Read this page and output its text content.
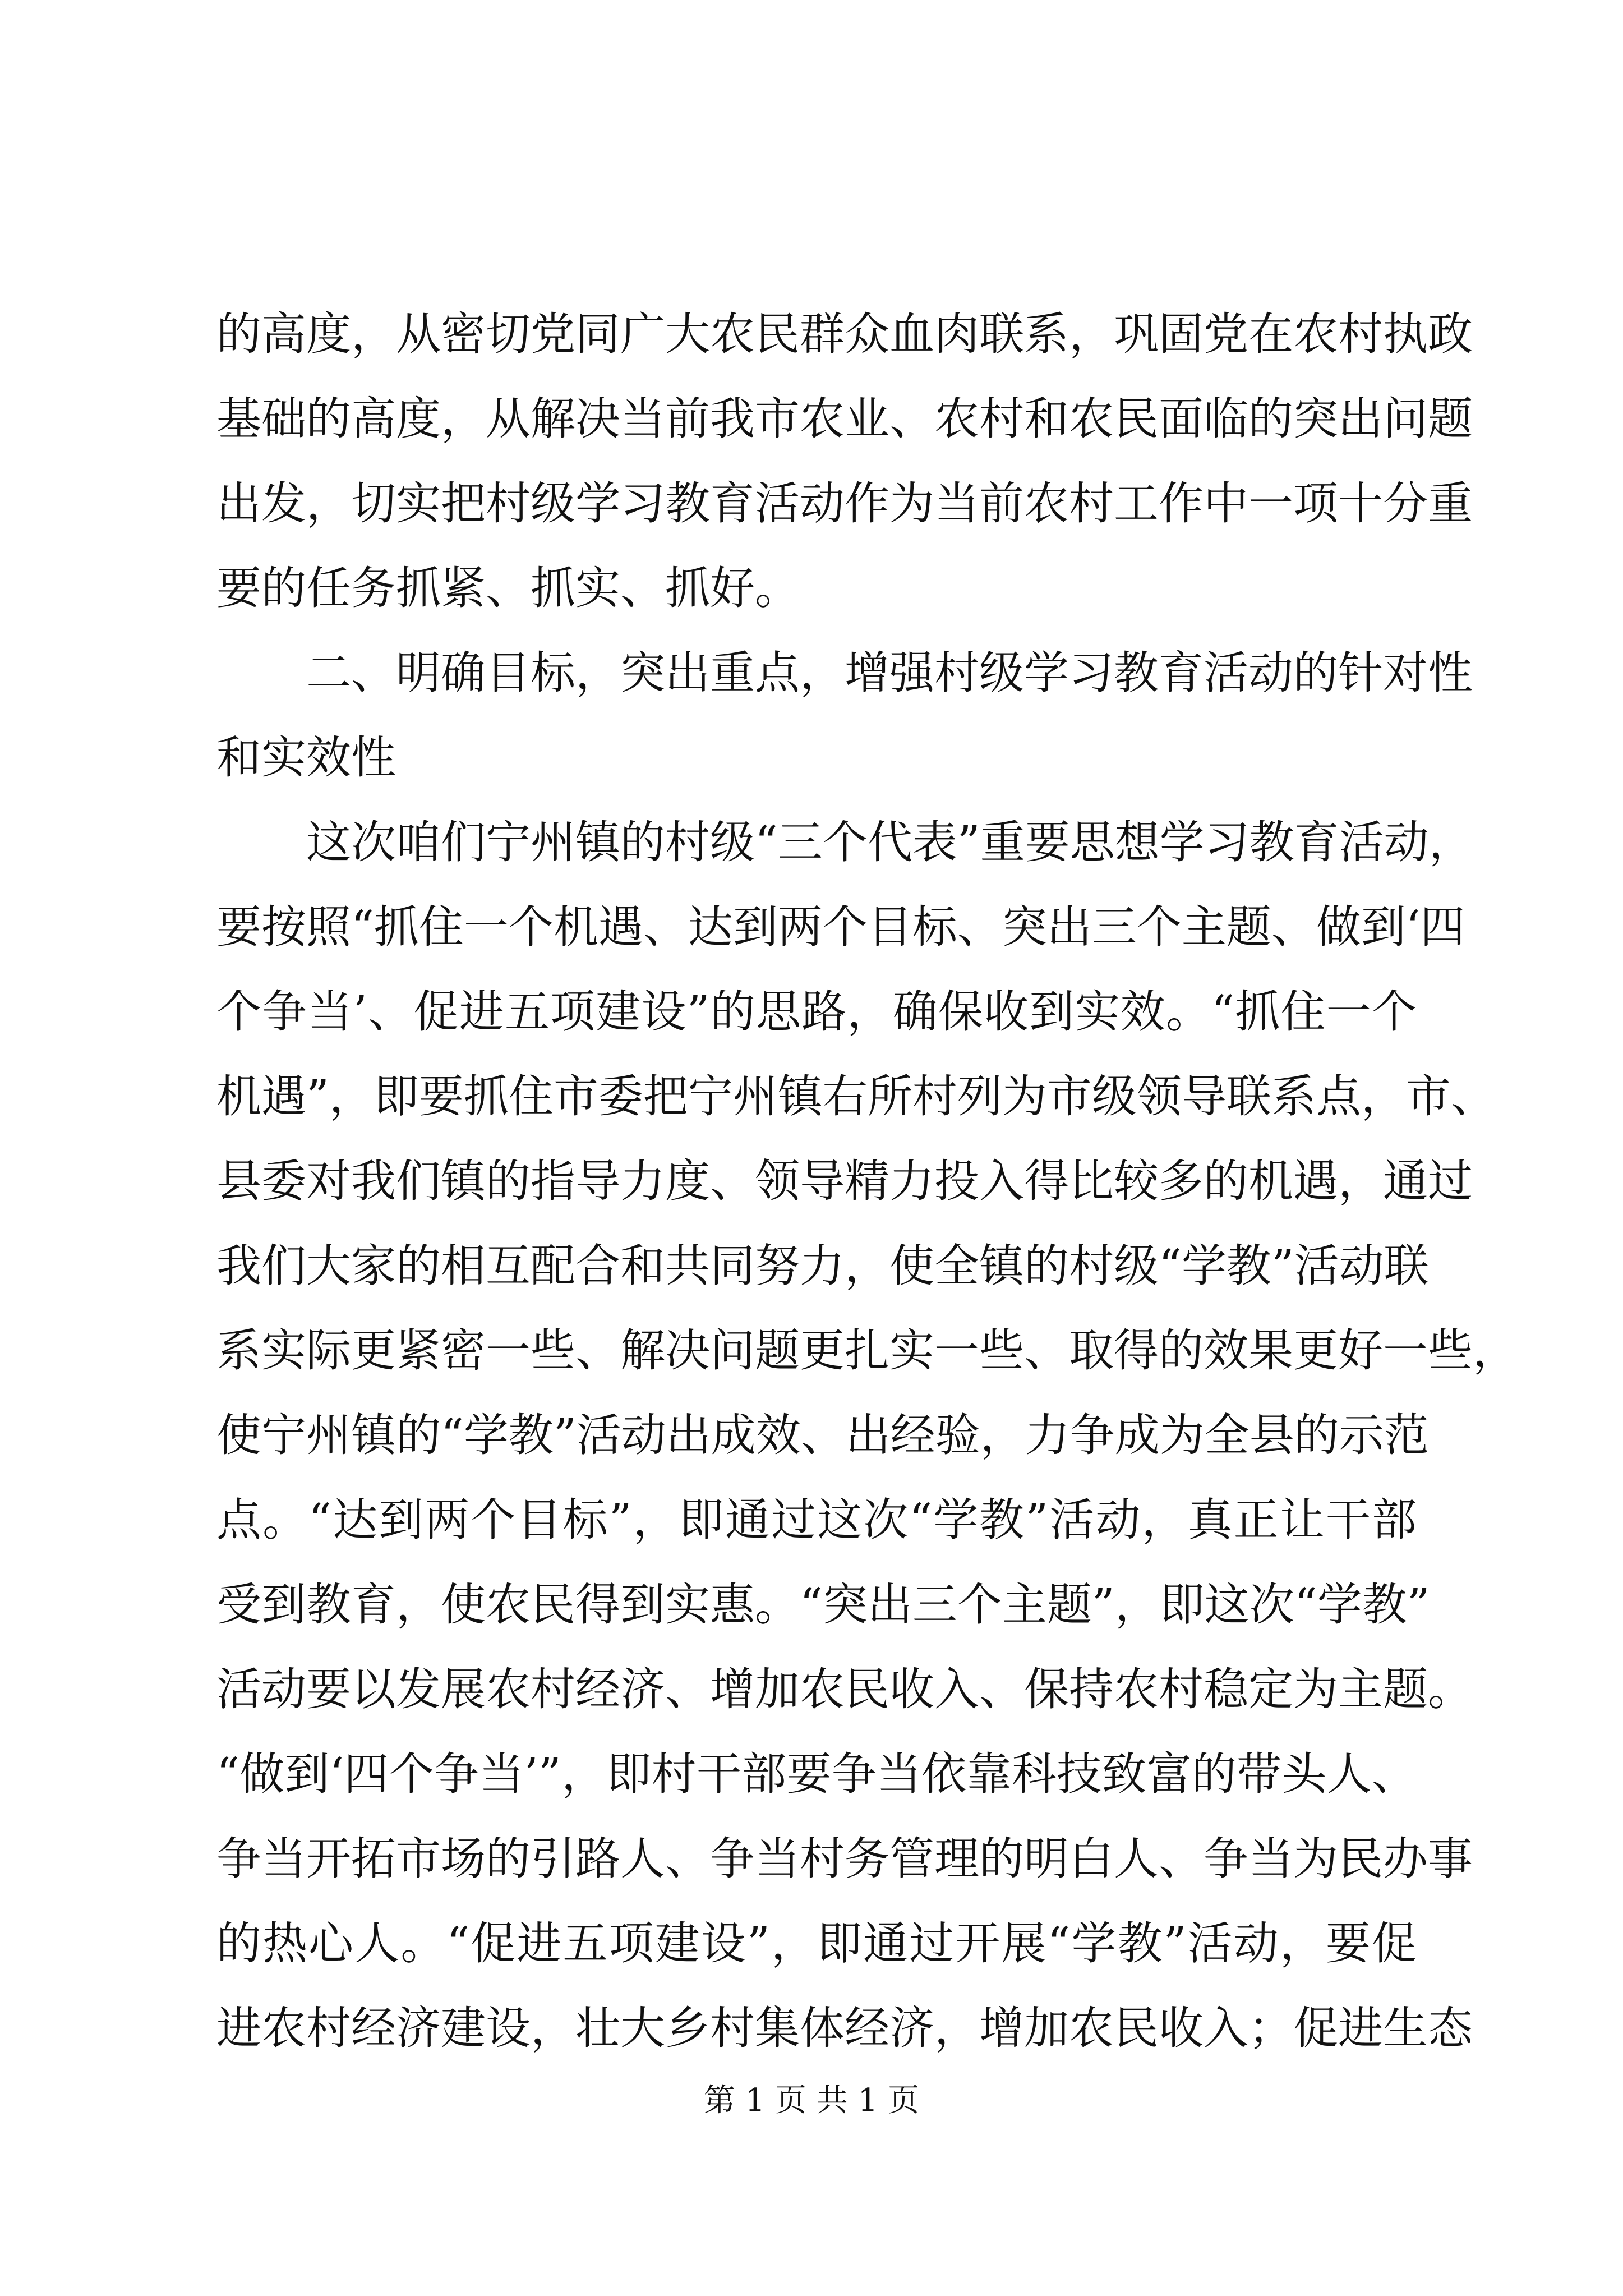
的高度，从密切党同广大农民群众血肉联系，巩固党在农村执政
基础的高度，从解决当前我市农业、农村和农民面临的突出问题
出发，切实把村级学习教育活动作为当前农村工作中一项十分重
要的任务抓紧、抓实、抓好。
二、明确目标，突出重点，增强村级学习教育活动的针对性
和实效性
这次咱们宁州镇的村级“三个代表”重要思想学习教育活动，
要按照“抓住一个机遇、达到两个目标、突出三个主题、做到‘四
个争当’、促进五项建设”的思路，确保收到实效。“抓住一个
机遇”，即要抓住市委把宁州镇右所村列为市级领导联系点，市、
县委对我们镇的指导力度、领导精力投入得比较多的机遇，通过
我们大家的相互配合和共同努力，使全镇的村级“学教”活动联
系实际更紧密一些、解决问题更扎实一些、取得的效果更好一些，
使宁州镇的“学教”活动出成效、出经验，力争成为全县的示范
点。“达到两个目标”，即通过这次“学教”活动，真正让干部
受到教育，使农民得到实惠。“突出三个主题”，即这次“学教”
活动要以发展农村经济、增加农民收入、保持农村稳定为主题。
“做到‘四个争当’”，即村干部要争当依靠科技致富的带头人、
争当开拓市场的引路人、争当村务管理的明白人、争当为民办事
的热心人。“促进五项建设”，即通过开展“学教”活动，要促
进农村经济建设，壮大乡村集体经济，增加农民收入；促进生态
第 1 页 共 1 页
